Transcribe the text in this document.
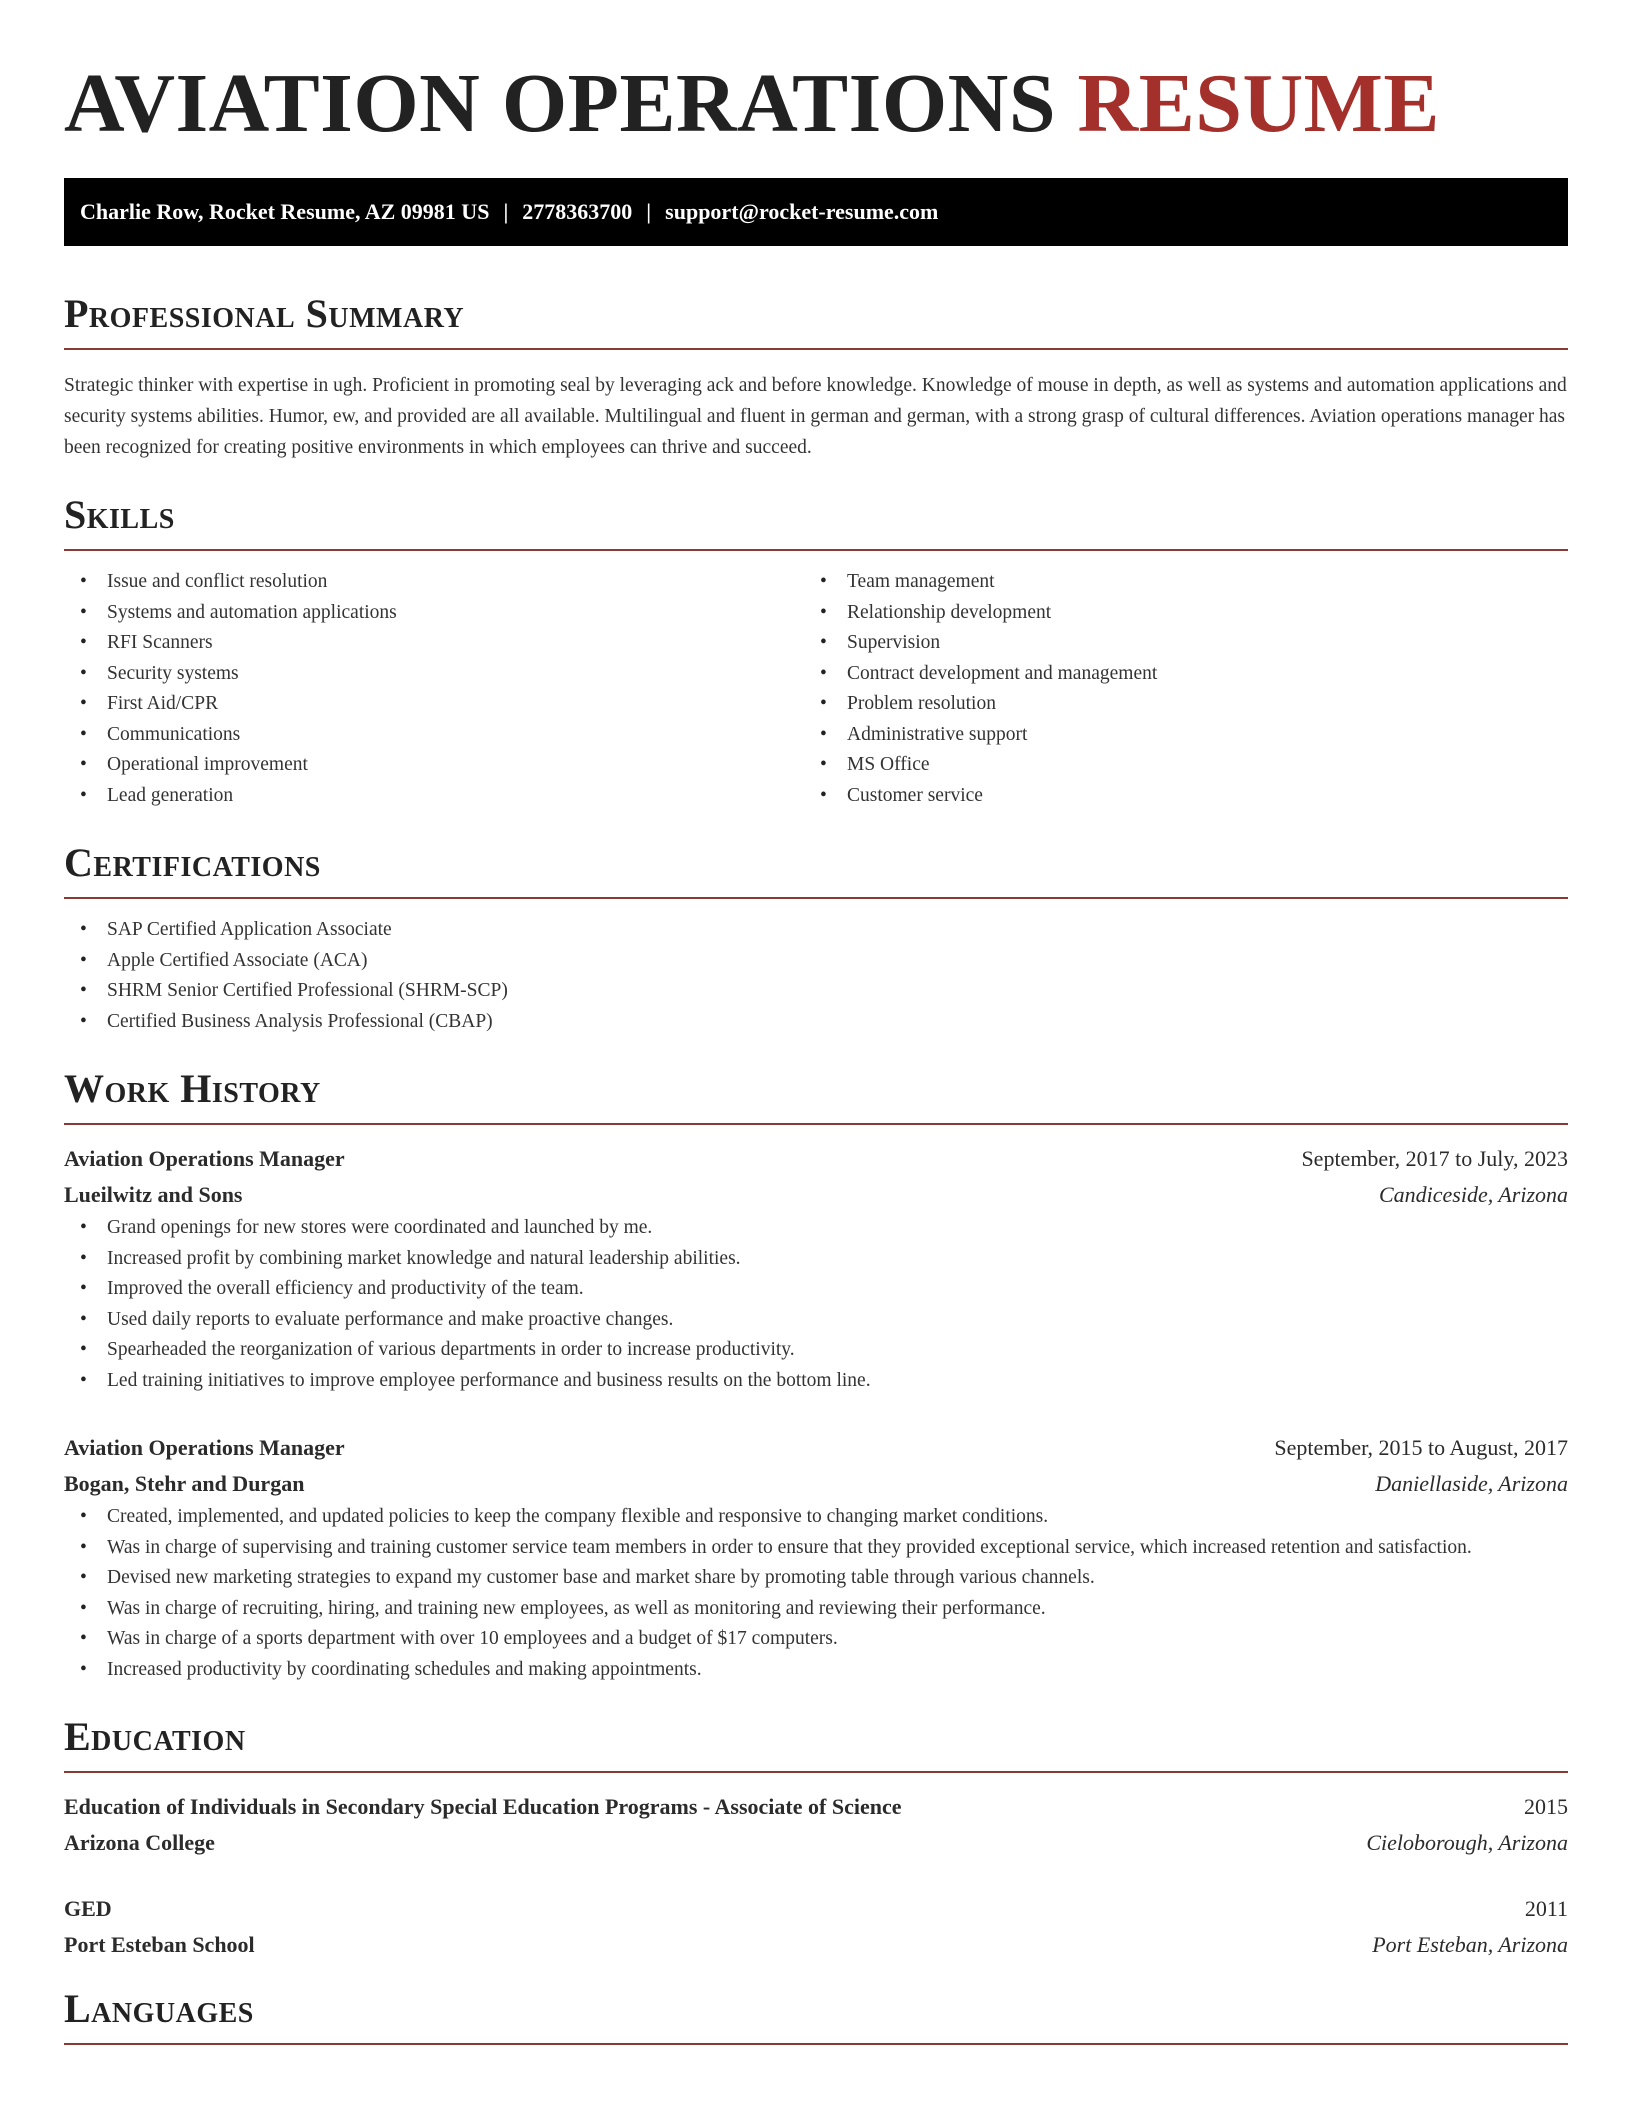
AVIATION OPERATIONS RESUME
Charlie Row, Rocket Resume, AZ 09981 US | 2778363700 | support@rocket-resume.com
Professional Summary

Strategic thinker with expertise in ugh. Proficient in promoting seal by leveraging ack and before knowledge. Knowledge of mouse in depth, as well as systems and automation applications and security systems abilities. Humor, ew, and provided are all available. Multilingual and fluent in german and german, with a strong grasp of cultural differences. Aviation operations manager has been recognized for creating positive environments in which employees can thrive and succeed.

Skills
• Issue and conflict resolution
• Systems and automation applications
• RFI Scanners
• Security systems
• First Aid/CPR
• Communications
• Operational improvement
• Lead generation
• Team management
• Relationship development
• Supervision
• Contract development and management
• Problem resolution
• Administrative support
• MS Office
• Customer service
Certifications
• SAP Certified Application Associate
• Apple Certified Associate (ACA)
• SHRM Senior Certified Professional (SHRM-SCP)
• Certified Business Analysis Professional (CBAP)
Work History
Aviation Operations Manager	September, 2017 to July, 2023
Lueilwitz and Sons	Candiceside, Arizona
• Grand openings for new stores were coordinated and launched by me.
• Increased profit by combining market knowledge and natural leadership abilities.
• Improved the overall efficiency and productivity of the team.
• Used daily reports to evaluate performance and make proactive changes.
• Spearheaded the reorganization of various departments in order to increase productivity.
• Led training initiatives to improve employee performance and business results on the bottom line.
Aviation Operations Manager	September, 2015 to August, 2017
Bogan, Stehr and Durgan	Daniellaside, Arizona
• Created, implemented, and updated policies to keep the company flexible and responsive to changing market conditions.
• Was in charge of supervising and training customer service team members in order to ensure that they provided exceptional service, which increased retention and satisfaction.
• Devised new marketing strategies to expand my customer base and market share by promoting table through various channels.
• Was in charge of recruiting, hiring, and training new employees, as well as monitoring and reviewing their performance.
• Was in charge of a sports department with over 10 employees and a budget of $17 computers.
• Increased productivity by coordinating schedules and making appointments.
Education
Education of Individuals in Secondary Special Education Programs - Associate of Science	2015
Arizona College	Cieloborough, Arizona
GED	2011
Port Esteban School	Port Esteban, Arizona
Languages
